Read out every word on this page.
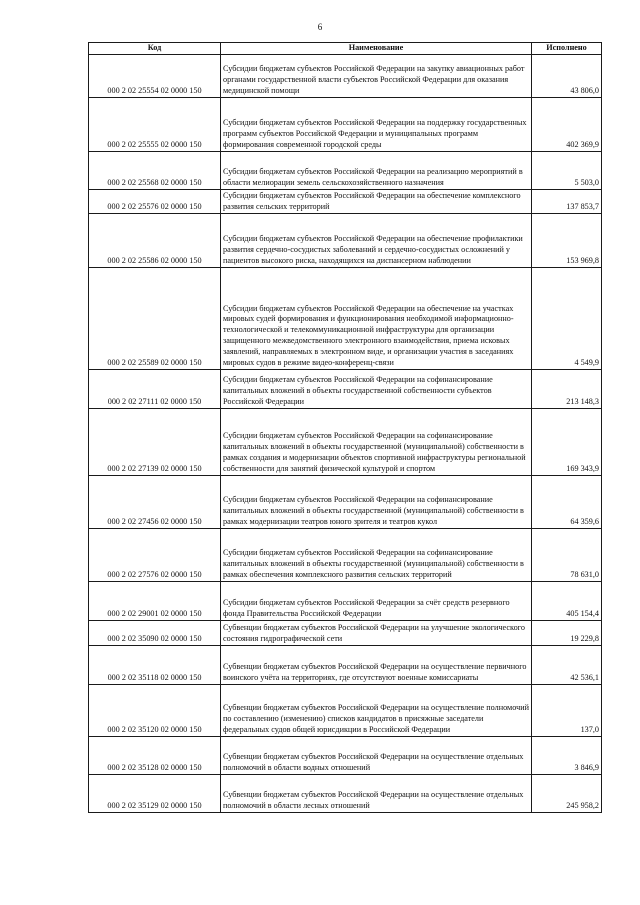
6
Код	Наименование	Исполнено
000 2 02 25554 02 0000 150	Субсидии бюджетам субъектов Российской Федерации на закупку авиационных работ органами государственной власти субъектов Российской Федерации для оказания медицинской помощи	43 806,0
000 2 02 25555 02 0000 150	Субсидии бюджетам субъектов Российской Федерации на поддержку государственных программ субъектов Российской Федерации и муниципальных программ формирования современной городской среды	402 369,9
000 2 02 25568 02 0000 150	Субсидии бюджетам субъектов Российской Федерации на реализацию мероприятий в области мелиорации земель сельскохозяйственного назначения	5 503,0
000 2 02 25576 02 0000 150	Субсидии бюджетам субъектов Российской Федерации на обеспечение комплексного развития сельских территорий	137 853,7
000 2 02 25586 02 0000 150	Субсидии бюджетам субъектов Российской Федерации на обеспечение профилактики развития сердечно-сосудистых заболеваний и сердечно-сосудистых осложнений у пациентов высокого риска, находящихся на диспансерном наблюдении	153 969,8
000 2 02 25589 02 0000 150	Субсидии бюджетам субъектов Российской Федерации на обеспечение на участках мировых судей формирования и функционирования необходимой информационно-технологической и телекоммуникационной инфраструктуры для организации защищенного межведомственного электронного взаимодействия, приема исковых заявлений, направляемых в электронном виде, и организации участия в заседаниях мировых судов в режиме видео-конференц-связи	4 549,9
000 2 02 27111 02 0000 150	Субсидии бюджетам субъектов Российской Федерации на софинансирование капитальных вложений в объекты государственной собственности субъектов Российской Федерации	213 148,3
000 2 02 27139 02 0000 150	Субсидии бюджетам субъектов Российской Федерации на софинансирование капитальных вложений в объекты государственной (муниципальной) собственности в рамках создания и модернизации объектов спортивной инфраструктуры региональной собственности для занятий физической культурой и спортом	169 343,9
000 2 02 27456 02 0000 150	Субсидии бюджетам субъектов Российской Федерации на софинансирование капитальных вложений в объекты государственной (муниципальной) собственности в рамках модернизации театров юного зрителя и театров кукол	64 359,6
000 2 02 27576 02 0000 150	Субсидии бюджетам субъектов Российской Федерации на софинансирование капитальных вложений в объекты государственной (муниципальной) собственности в рамках обеспечения комплексного развития сельских территорий	78 631,0
000 2 02 29001 02 0000 150	Субсидии бюджетам субъектов Российской Федерации за счёт средств резервного фонда Правительства Российской Федерации	405 154,4
000 2 02 35090 02 0000 150	Субвенции бюджетам субъектов Российской Федерации на улучшение экологического состояния гидрографической сети	19 229,8
000 2 02 35118 02 0000 150	Субвенции бюджетам субъектов Российской Федерации на осуществление первичного воинского учёта на территориях, где отсутствуют военные комиссариаты	42 536,1
000 2 02 35120 02 0000 150	Субвенции бюджетам субъектов Российской Федерации на осуществление полномочий по составлению (изменению) списков кандидатов в присяжные заседатели федеральных судов общей юрисдикции в Российской Федерации	137,0
000 2 02 35128 02 0000 150	Субвенции бюджетам субъектов Российской Федерации на осуществление отдельных полномочий в области водных отношений	3 846,9
000 2 02 35129 02 0000 150	Субвенции бюджетам субъектов Российской Федерации на осуществление отдельных полномочий в области лесных отношений	245 958,2
